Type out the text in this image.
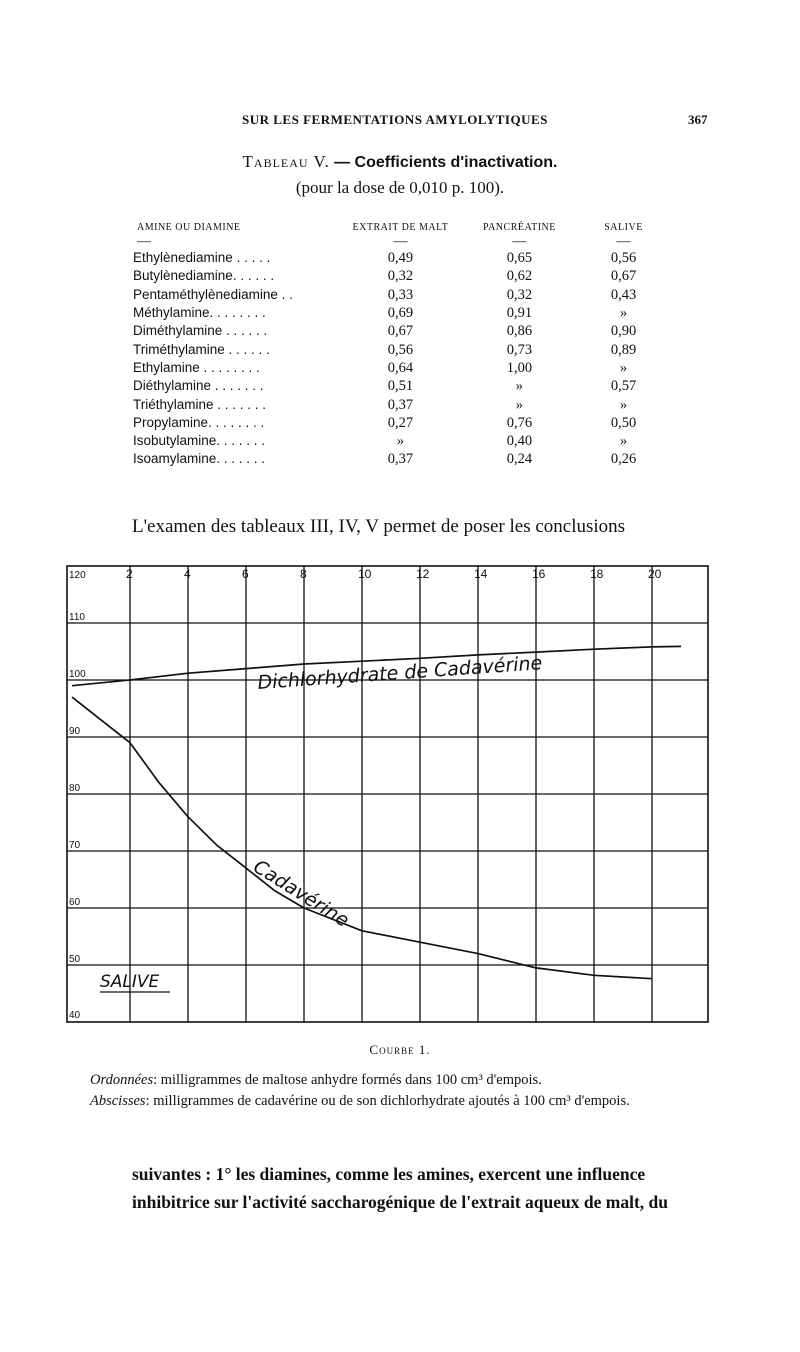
SUR LES FERMENTATIONS AMYLOLYTIQUES	367
Tableau V. — Coefficients d'inactivation.
(pour la dose de 0,010 p. 100).
AMINE OU DIAMINE	EXTRAIT DE MALT	PANCRÉATINE	SALIVE
—	—	—	—
Ethylènediamine . . . . .	0,49	0,65	0,56
Butylènediamine. . . . . .	0,32	0,62	0,67
Pentaméthylènediamine . .	0,33	0,32	0,43
Méthylamine. . . . . . . .	0,69	0,91	»
Diméthylamine . . . . . .	0,67	0,86	0,90
Triméthylamine . . . . . .	0,56	0,73	0,89
Ethylamine . . . . . . . .	0,64	1,00	»
Diéthylamine . . . . . . .	0,51	»	0,57
Triéthylamine . . . . . . .	0,37	»	»
Propylamine. . . . . . . .	0,27	0,76	0,50
Isobutylamine. . . . . . .	»	0,40	»
Isoamylamine. . . . . . .	0,37	0,24	0,26
L'examen des tableaux III, IV, V permet de poser les conclusions
2	4	6	8	10	12	14	16	18	20
120
110
100
90
80
70
60
50
40
Dichlorhydrate de Cadavérine
Cadavérine
SALIVE
Courbe 1.
Ordonnées: milligrammes de maltose anhydre formés dans 100 cm³ d'empois.
Abscisses: milligrammes de cadavérine ou de son dichlorhydrate ajoutés à 100 cm³ d'empois.
suivantes : 1° les diamines, comme les amines, exercent une influence
inhibitrice sur l'activité saccharogénique de l'extrait aqueux de malt, du
